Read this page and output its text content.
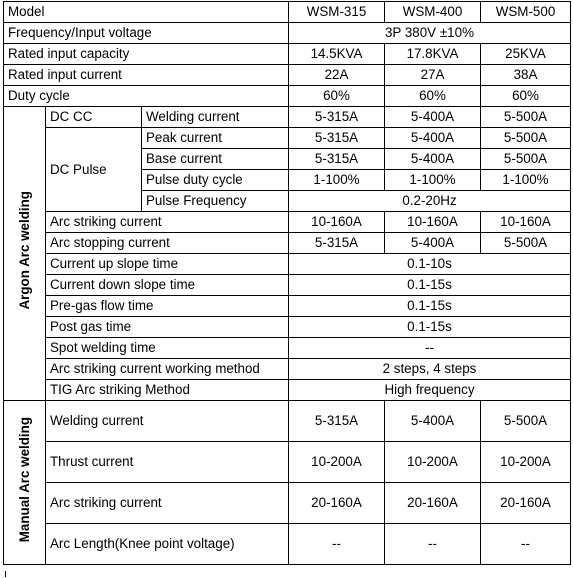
Model			WSM-315	WSM-400	WSM-500
Frequency/Input voltage			3P 380V ±10%		
Rated input capacity			14.5KVA	17.8KVA	25KVA
Rated input current			22A	27A	38A
Duty cycle			60%	60%	60%
Argon Arc welding	DC CC	Welding current	5-315A	5-400A	5-500A
	DC Pulse	Peak current	5-315A	5-400A	5-500A
		Base current	5-315A	5-400A	5-500A
		Pulse duty cycle	1-100%	1-100%	1-100%
		Pulse Frequency	0.2-20Hz		
	Arc striking current		10-160A	10-160A	10-160A
	Arc stopping current		5-315A	5-400A	5-500A
	Current up slope time		0.1-10s		
	Current down slope time		0.1-15s		
	Pre-gas flow time		0.1-15s		
	Post gas time		0.1-15s		
	Spot welding time		--		
	Arc striking current working method		2 steps, 4 steps		
	TIG Arc striking Method		High frequency		
Manual Arc welding	Welding current		5-315A	5-400A	5-500A
	Thrust current		10-200A	10-200A	10-200A
	Arc striking current		20-160A	20-160A	20-160A
	Arc Length(Knee point voltage)		--	--	--
